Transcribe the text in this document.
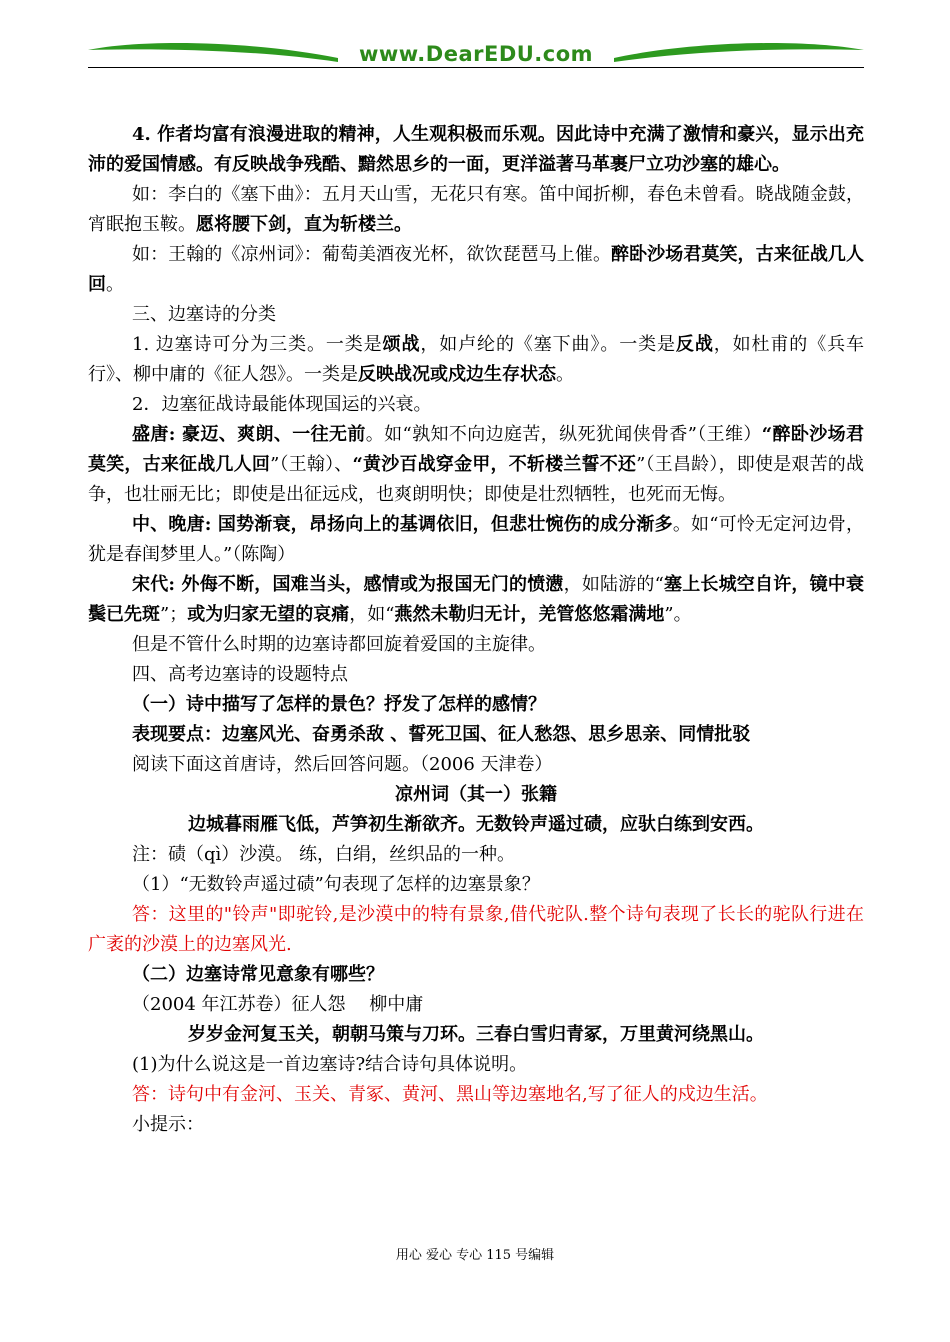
www.DearEDU.com

4. 作者均富有浪漫进取的精神，人生观积极而乐观。因此诗中充满了激情和豪兴，显示出充沛的爱国情感。有反映战争残酷、黯然思乡的一面，更洋溢著马革裹尸立功沙塞的雄心。

如：李白的《塞下曲》：五月天山雪，无花只有寒。笛中闻折柳，春色未曾看。晓战随金鼓，宵眠抱玉鞍。愿将腰下剑，直为斩楼兰。

如：王翰的《凉州词》：葡萄美酒夜光杯，欲饮琵琶马上催。醉卧沙场君莫笑，古来征战几人回。

三、边塞诗的分类

1. 边塞诗可分为三类。一类是颂战，如卢纶的《塞下曲》。一类是反战，如杜甫的《兵车行》、柳中庸的《征人怨》。一类是反映战况或戍边生存状态。

2．边塞征战诗最能体现国运的兴衰。

盛唐: 豪迈、爽朗、一往无前。如“孰知不向边庭苦，纵死犹闻侠骨香”（王维）“醉卧沙场君莫笑，古来征战几人回”（王翰）、“黄沙百战穿金甲，不斩楼兰誓不还”（王昌龄），即使是艰苦的战争，也壮丽无比；即使是出征远戍，也爽朗明快；即使是壮烈牺牲，也死而无悔。

中、晚唐: 国势渐衰，昂扬向上的基调依旧，但悲壮惋伤的成分渐多。如“可怜无定河边骨，犹是春闺梦里人。”（陈陶）

宋代: 外侮不断，国难当头，感情或为报国无门的愤懑，如陆游的“塞上长城空自许，镜中衰鬓已先斑”；或为归家无望的哀痛，如“燕然未勒归无计，羌管悠悠霜满地”。

但是不管什么时期的边塞诗都回旋着爱国的主旋律。

四、高考边塞诗的设题特点

（一）诗中描写了怎样的景色？抒发了怎样的感情？

表现要点：边塞风光、奋勇杀敌 、誓死卫国、征人愁怨、思乡思亲、同情批驳

阅读下面这首唐诗，然后回答问题。（2006 天津卷）

凉州词（其一）张籍

边城暮雨雁飞低，芦笋初生渐欲齐。无数铃声遥过碛，应驮白练到安西。

注：碛（qì）沙漠。 练，白绢，丝织品的一种。

（1）“无数铃声遥过碛”句表现了怎样的边塞景象？

答：这里的"铃声"即驼铃,是沙漠中的特有景象,借代驼队.整个诗句表现了长长的驼队行进在广袤的沙漠上的边塞风光.

（二）边塞诗常见意象有哪些？

（2004 年江苏卷）征人怨　 柳中庸

岁岁金河复玉关，朝朝马策与刀环。三春白雪归青冢，万里黄河绕黑山。

(1)为什么说这是一首边塞诗?结合诗句具体说明。

答：诗句中有金河、玉关、青冢、黄河、黑山等边塞地名,写了征人的戍边生活。

小提示：

用心 爱心 专心 115 号编辑
